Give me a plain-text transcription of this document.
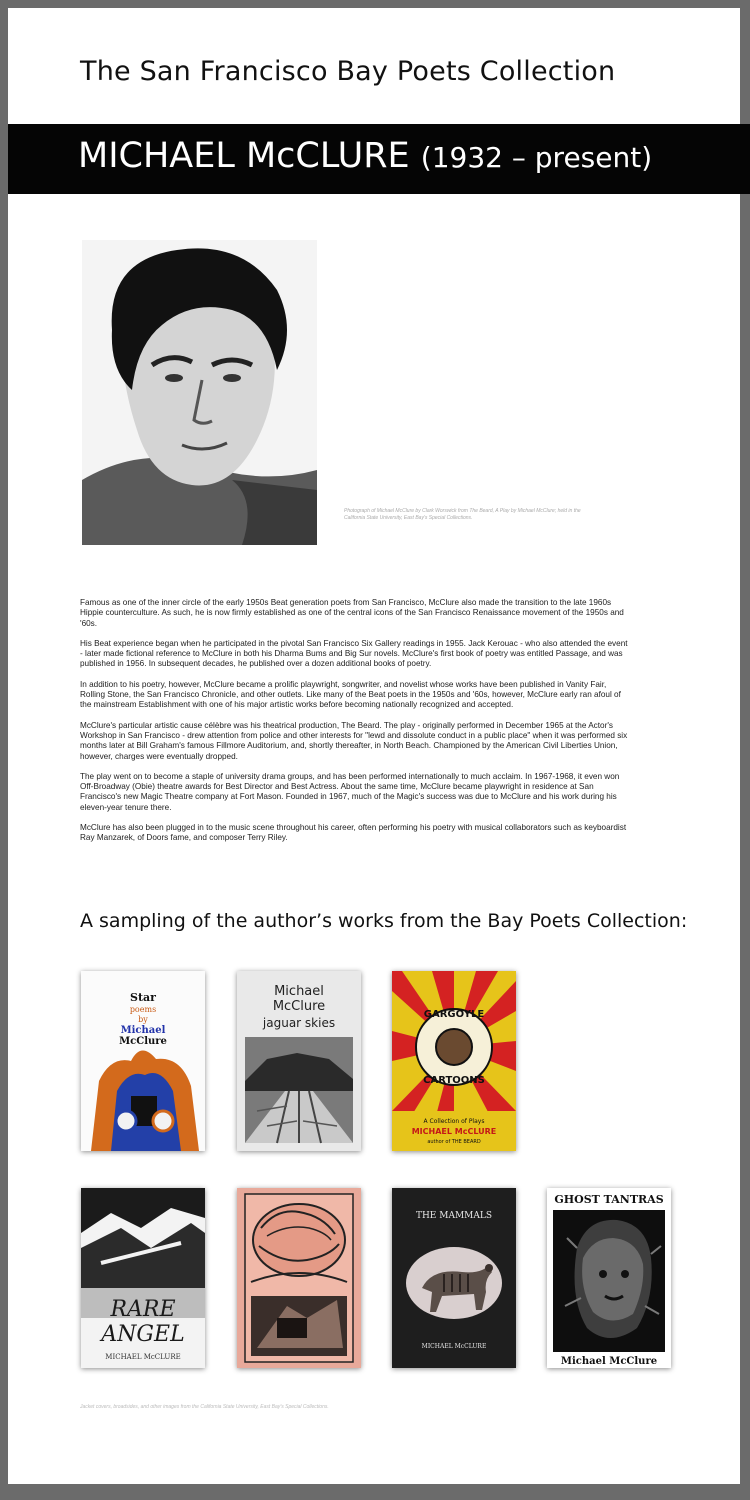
The San Francisco Bay Poets Collection
MICHAEL McCLURE (1932 – present)
Photograph of Michael McClure by Clark Worswick from The Beard, A Play by Michael McClure; held in the California State University, East Bay's Special Collections.

Famous as one of the inner circle of the early 1950s Beat generation poets from San Francisco, McClure also made the transition to the late 1960s Hippie counterculture. As such, he is now firmly established as one of the central icons of the San Francisco Renaissance movement of the 1950s and '60s.

His Beat experience began when he participated in the pivotal San Francisco Six Gallery readings in 1955. Jack Kerouac - who also attended the event - later made fictional reference to McClure in both his Dharma Bums and Big Sur novels. McClure's first book of poetry was entitled Passage, and was published in 1956. In subsequent decades, he published over a dozen additional books of poetry.

In addition to his poetry, however, McClure became a prolific playwright, songwriter, and novelist whose works have been published in Vanity Fair, Rolling Stone, the San Francisco Chronicle, and other outlets. Like many of the Beat poets in the 1950s and '60s, however, McClure early ran afoul of the mainstream Establishment with one of his major artistic works before becoming nationally recognized and accepted.

McClure's particular artistic cause célèbre was his theatrical production, The Beard. The play - originally performed in December 1965 at the Actor's Workshop in San Francisco - drew attention from police and other interests for "lewd and dissolute conduct in a public place" when it was performed six months later at Bill Graham's famous Fillmore Auditorium, and, shortly thereafter, in North Beach. Championed by the American Civil Liberties Union, however, charges were eventually dropped.

The play went on to become a staple of university drama groups, and has been performed internationally to much acclaim. In 1967-1968, it even won Off-Broadway (Obie) theatre awards for Best Director and Best Actress. About the same time, McClure became playwright in residence at San Francisco's new Magic Theatre company at Fort Mason. Founded in 1967, much of the Magic's success was due to McClure and his work during his eleven-year tenure there.

McClure has also been plugged in to the music scene throughout his career, often performing his poetry with musical collaborators such as keyboardist Ray Manzarek, of Doors fame, and composer Terry Riley.

A sampling of the author’s works from the Bay Poets Collection:
Star
poems
by
Michael
McClure
Michael
McClure
jaguar skies
GARGOYLE
CARTOONS
A Collection of Plays
MICHAEL McCLURE
author of THE BEARD
RARE
ANGEL
MICHAEL McCLURE
THE MAMMALS
MICHAEL McCLURE
GHOST TANTRAS
Michael McClure
Jacket covers, broadsides, and other images from the California State University, East Bay's Special Collections.
